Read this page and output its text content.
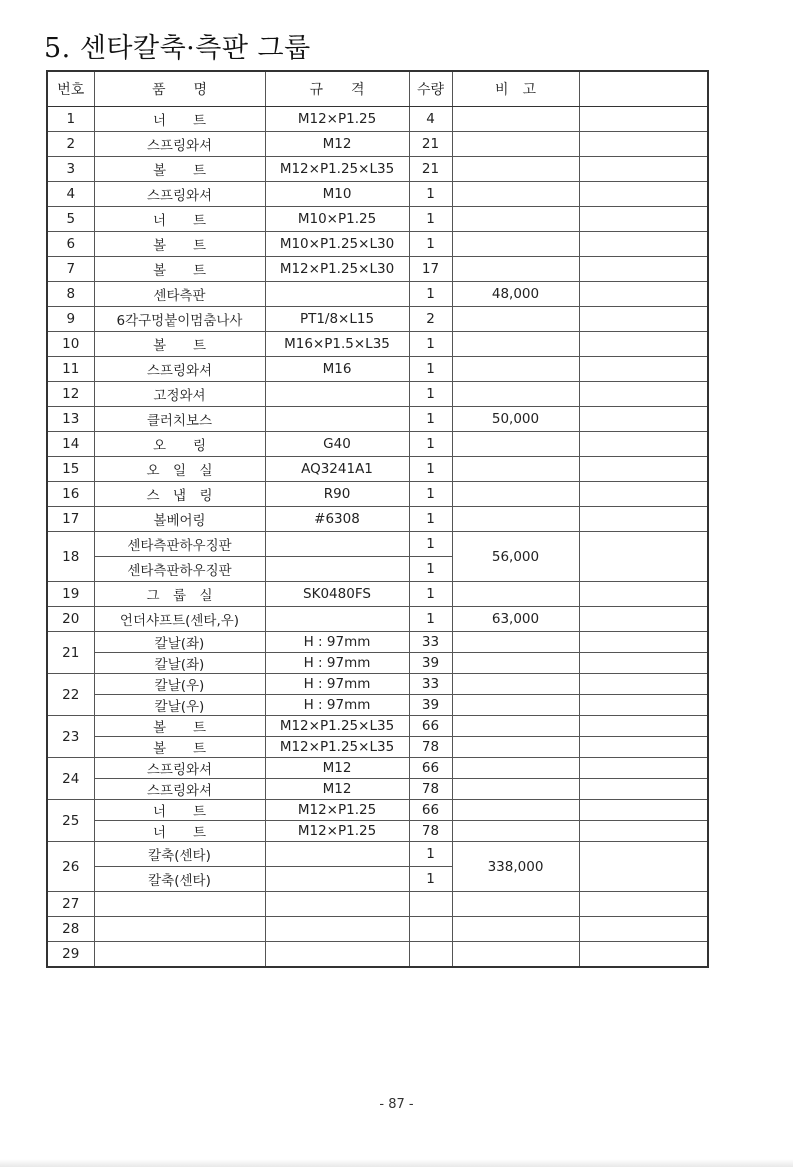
5. 센타칼축·측판 그룹
번호	품　　명	규　　격	수량	비　고	
1	너　　트	M12×P1.25	4		
2	스프링와셔	M12	21		
3	볼　　트	M12×P1.25×L35	21		
4	스프링와셔	M10	1		
5	너　　트	M10×P1.25	1		
6	볼　　트	M10×P1.25×L30	1		
7	볼　　트	M12×P1.25×L30	17		
8	센타측판		1	48,000	
9	6각구멍붙이멈춤나사	PT1/8×L15	2		
10	볼　　트	M16×P1.5×L35	1		
11	스프링와셔	M16	1		
12	고정와셔		1		
13	클러치보스		1	50,000	
14	오　　링	G40	1		
15	오　일　실	AQ3241A1	1		
16	스　냅　링	R90	1		
17	볼베어링	#6308	1		
18	센타측판하우징판		1	56,000	
	센타측판하우징판		1		
19	그　룹　실	SK0480FS	1		
20	언더샤프트(센타,우)		1	63,000	
21	칼날(좌)	H : 97mm	33		
	칼날(좌)	H : 97mm	39		
22	칼날(우)	H : 97mm	33		
	칼날(우)	H : 97mm	39		
23	볼　　트	M12×P1.25×L35	66		
	볼　　트	M12×P1.25×L35	78		
24	스프링와셔	M12	66		
	스프링와셔	M12	78		
25	너　　트	M12×P1.25	66		
	너　　트	M12×P1.25	78		
26	칼축(센타)		1	338,000	
	칼축(센타)		1		
27					
28					
29					
- 87 -
